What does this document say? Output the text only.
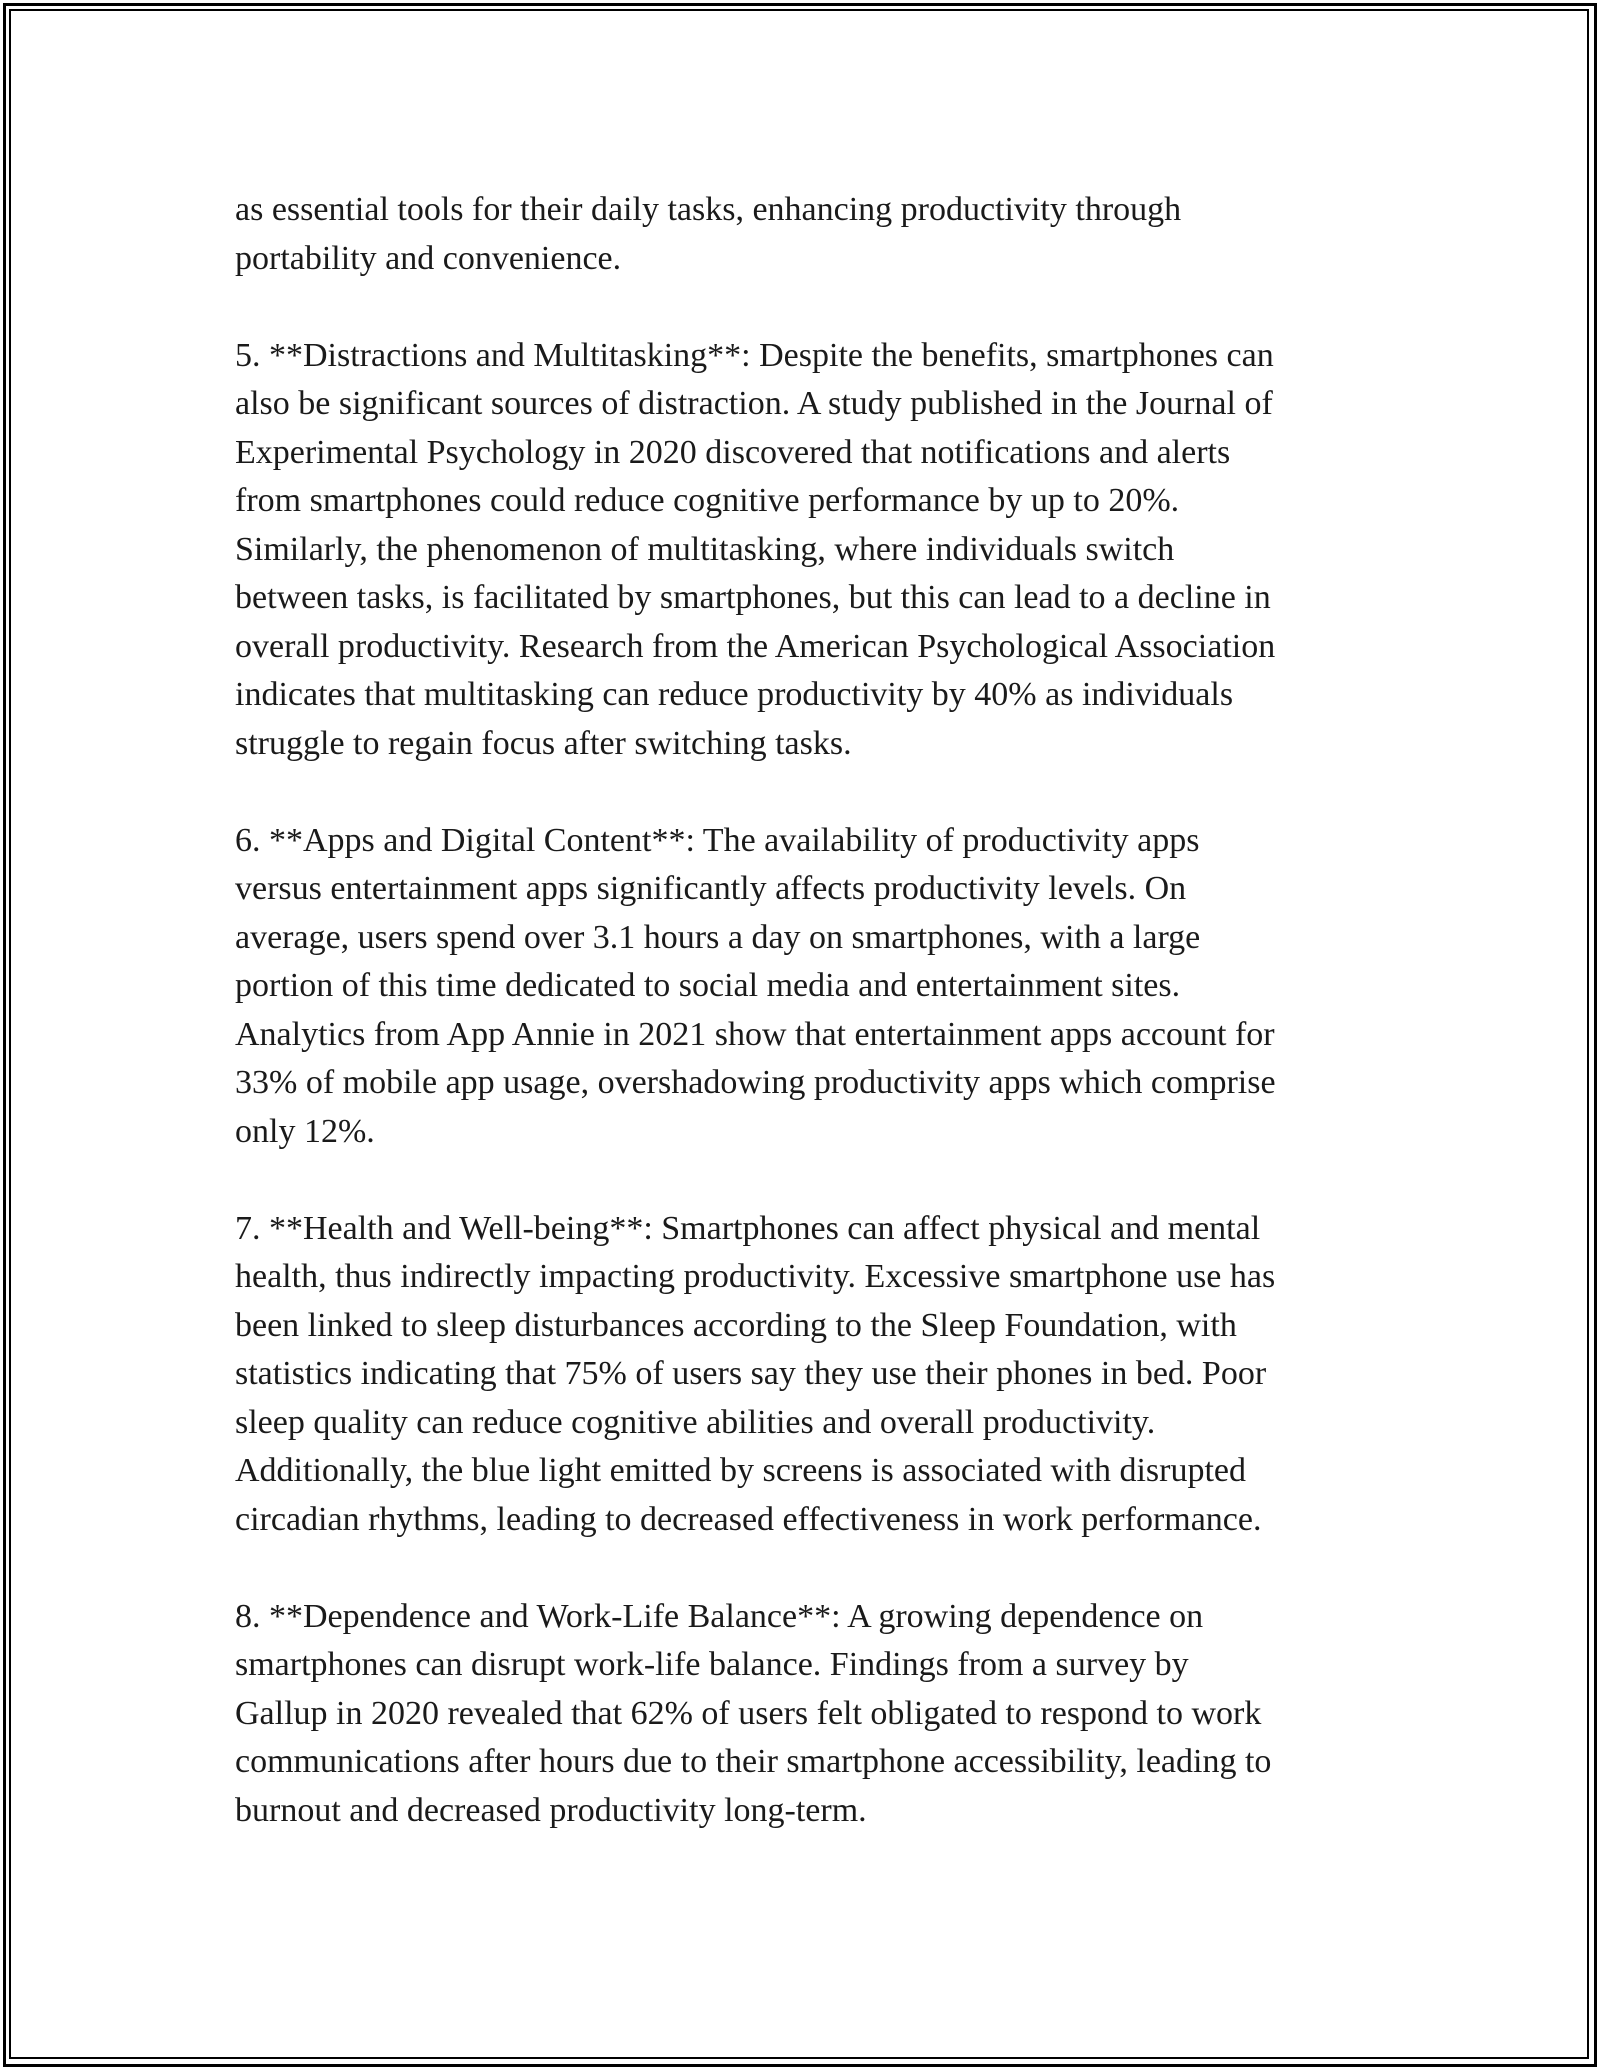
as essential tools for their daily tasks, enhancing productivity through
portability and convenience.

5. **Distractions and Multitasking**: Despite the benefits, smartphones can
also be significant sources of distraction. A study published in the Journal of
Experimental Psychology in 2020 discovered that notifications and alerts
from smartphones could reduce cognitive performance by up to 20%.
Similarly, the phenomenon of multitasking, where individuals switch
between tasks, is facilitated by smartphones, but this can lead to a decline in
overall productivity. Research from the American Psychological Association
indicates that multitasking can reduce productivity by 40% as individuals
struggle to regain focus after switching tasks.

6. **Apps and Digital Content**: The availability of productivity apps
versus entertainment apps significantly affects productivity levels. On
average, users spend over 3.1 hours a day on smartphones, with a large
portion of this time dedicated to social media and entertainment sites.
Analytics from App Annie in 2021 show that entertainment apps account for
33% of mobile app usage, overshadowing productivity apps which comprise
only 12%.

7. **Health and Well-being**: Smartphones can affect physical and mental
health, thus indirectly impacting productivity. Excessive smartphone use has
been linked to sleep disturbances according to the Sleep Foundation, with
statistics indicating that 75% of users say they use their phones in bed. Poor
sleep quality can reduce cognitive abilities and overall productivity.
Additionally, the blue light emitted by screens is associated with disrupted
circadian rhythms, leading to decreased effectiveness in work performance.

8. **Dependence and Work-Life Balance**: A growing dependence on
smartphones can disrupt work-life balance. Findings from a survey by
Gallup in 2020 revealed that 62% of users felt obligated to respond to work
communications after hours due to their smartphone accessibility, leading to
burnout and decreased productivity long-term.
